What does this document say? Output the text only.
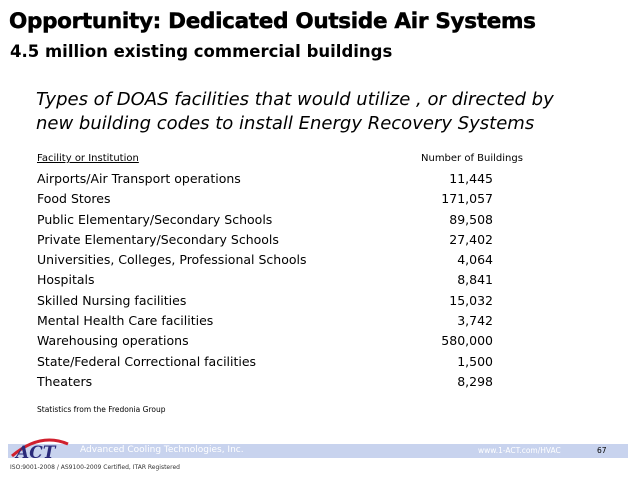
Opportunity: Dedicated Outside Air Systems
4.5 million existing commercial buildings

Types of DOAS facilities that would utilize , or directed by
new building codes to install Energy Recovery Systems

Facility or Institution	Number of Buildings
Airports/Air Transport operations	11,445
Food Stores	171,057
Public Elementary/Secondary Schools	89,508
Private Elementary/Secondary Schools	27,402
Universities, Colleges, Professional Schools	4,064
Hospitals	8,841
Skilled Nursing facilities	15,032
Mental Health Care facilities	3,742
Warehousing operations	580,000
State/Federal Correctional facilities	1,500
Theaters	8,298
Statistics from the Fredonia Group
ACT	Advanced Cooling Technologies, Inc.	www.1-ACT.com/HVAC	67
ISO:9001-2008 / AS9100-2009 Certified, ITAR Registered
